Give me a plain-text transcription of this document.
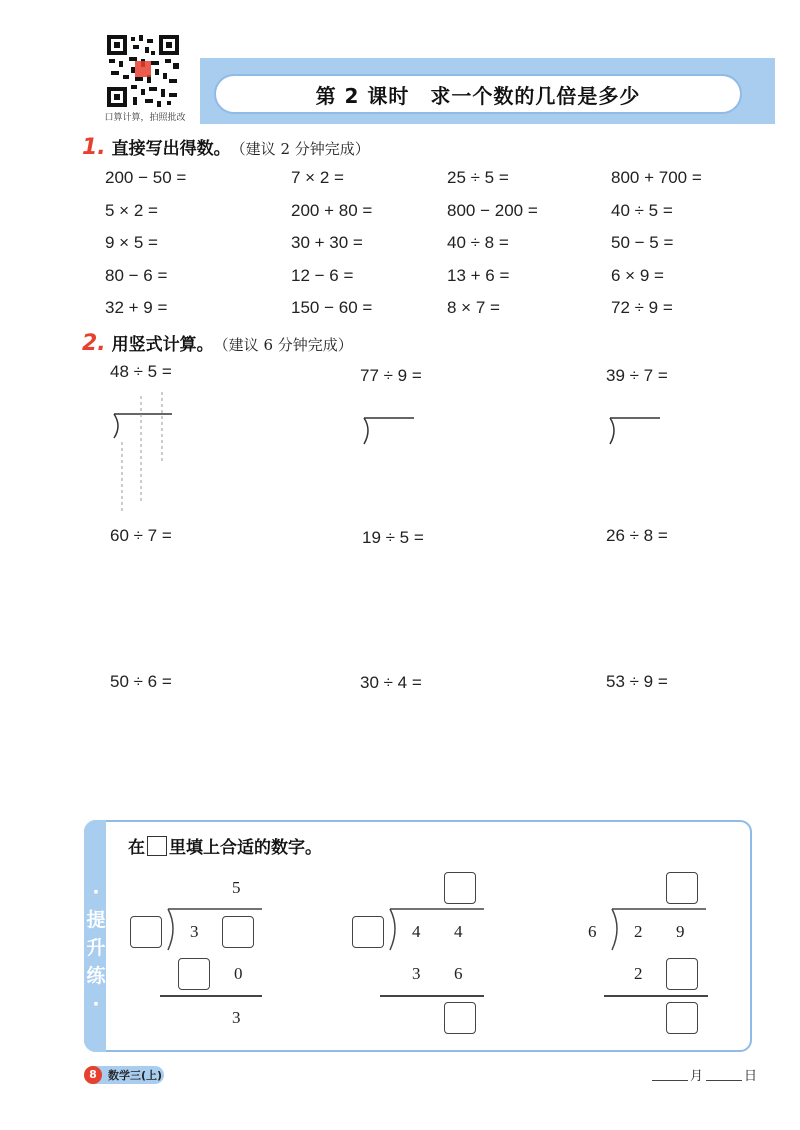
第 2 课时　求一个数的几倍是多少
口算计算，拍照批改
1. 直接写出得数。 （建议 2 分钟完成）
200 − 50 =	7 × 2 =	25 ÷ 5 =	800 + 700 =
5 × 2 =	200 + 80 =	800 − 200 =	40 ÷ 5 =
9 × 5 =	30 + 30 =	40 ÷ 8 =	50 − 5 =
80 − 6 =	12 − 6 =	13 + 6 =	6 × 9 =
32 + 9 =	150 − 60 =	8 × 7 =	72 ÷ 9 =
2. 用竖式计算。 （建议 6 分钟完成）
48 ÷ 5 =	77 ÷ 9 =	39 ÷ 7 =
60 ÷ 7 =	19 ÷ 5 =	26 ÷ 8 =
50 ÷ 6 =	30 ÷ 4 =	53 ÷ 9 =
·提升练·
在 里填上合适的数字。
5
3
0
3
4 4
3 6
6 2 9
2
8	数学三(上)	月	日
